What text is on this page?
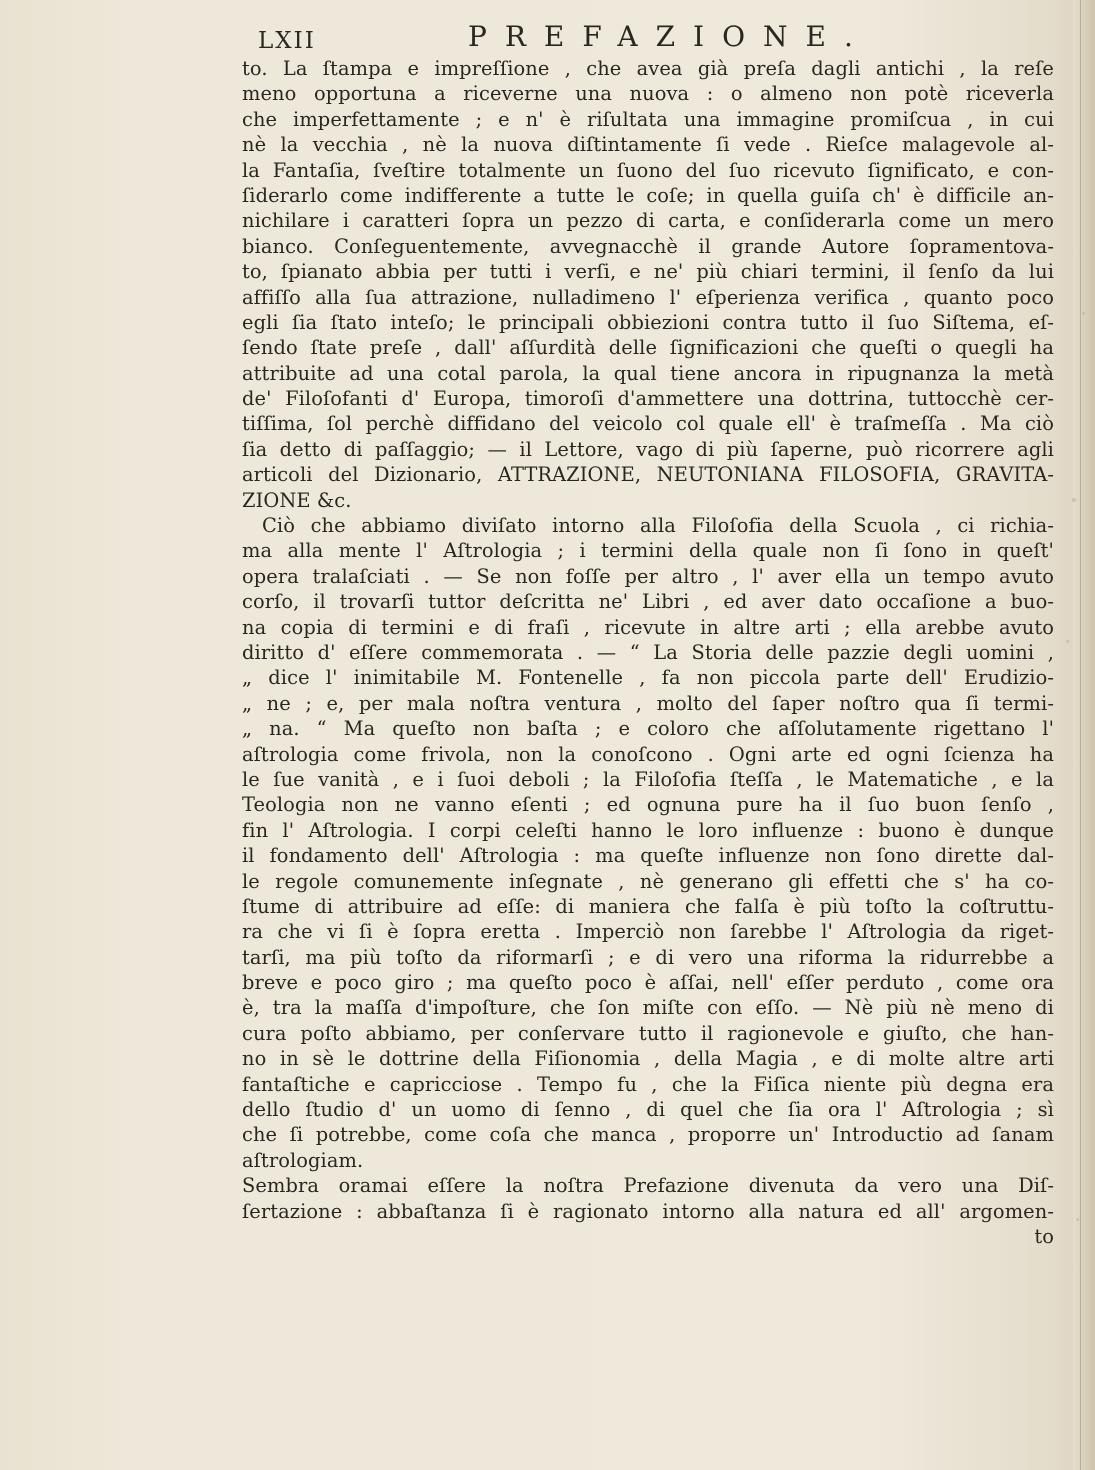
LXII	PREFAZIONE.
to. La ſtampa e impreſſione , che avea già preſa dagli antichi , la reſe
meno opportuna a riceverne una nuova : o almeno non potè riceverla
che imperfettamente ; e n' è riſultata una immagine promiſcua , in cui
nè la vecchia , nè la nuova diſtintamente ſi vede . Rieſce malagevole al-
la Fantaſia, ſveſtire totalmente un ſuono del ſuo ricevuto ſignificato, e con-
ſiderarlo come indifferente a tutte le coſe; in quella guiſa ch' è difficile an-
nichilare i caratteri ſopra un pezzo di carta, e conſiderarla come un mero
bianco. Conſeguentemente, avvegnacchè il grande Autore ſopramentova-
to, ſpianato abbia per tutti i verſi, e ne' più chiari termini, il ſenſo da lui
affiſſo alla ſua attrazione, nulladimeno l' eſperienza verifica , quanto poco
egli ſia ſtato inteſo; le principali obbiezioni contra tutto il ſuo Siſtema, eſ-
ſendo ſtate preſe , dall' aſſurdità delle ſignificazioni che queſti o quegli ha
attribuite ad una cotal parola, la qual tiene ancora in ripugnanza la metà
de' Filoſofanti d' Europa, timoroſi d'ammettere una dottrina, tuttocchè cer-
tiſſima, ſol perchè diffidano del veicolo col quale ell' è traſmeſſa . Ma ciò
ſia detto di paſſaggio; — il Lettore, vago di più ſaperne, può ricorrere agli
articoli del Dizionario, ATTRAZIONE, NEUTONIANA FILOSOFIA, GRAVITA-
ZIONE &c.
Ciò che abbiamo diviſato intorno alla Filoſofia della Scuola , ci richia-
ma alla mente l' Aſtrologia ; i termini della quale non ſi ſono in queſt'
opera tralaſciati . — Se non foſſe per altro , l' aver ella un tempo avuto
corſo, il trovarſi tuttor deſcritta ne' Libri , ed aver dato occaſione a buo-
na copia di termini e di fraſi , ricevute in altre arti ; ella arebbe avuto
diritto d' eſſere commemorata . — “ La Storia delle pazzie degli uomini ,
„ dice l' inimitabile M. Fontenelle , fa non piccola parte dell' Erudizio-
„ ne ; e, per mala noſtra ventura , molto del ſaper noſtro qua ſi termi-
„ na. “ Ma queſto non baſta ; e coloro che aſſolutamente rigettano l'
aſtrologia come frivola, non la conoſcono . Ogni arte ed ogni ſcienza ha
le ſue vanità , e i ſuoi deboli ; la Filoſofia ſteſſa , le Matematiche , e la
Teologia non ne vanno eſenti ; ed ognuna pure ha il ſuo buon ſenſo ,
fin l' Aſtrologia. I corpi celeſti hanno le loro influenze : buono è dunque
il fondamento dell' Aſtrologia : ma queſte influenze non ſono dirette dal-
le regole comunemente inſegnate , nè generano gli effetti che s' ha co-
ſtume di attribuire ad eſſe: di maniera che falſa è più toſto la coſtruttu-
ra che vi ſi è ſopra eretta . Imperciò non ſarebbe l' Aſtrologia da riget-
tarſi, ma più toſto da riformarſi ; e di vero una riforma la ridurrebbe a
breve e poco giro ; ma queſto poco è aſſai, nell' eſſer perduto , come ora
è, tra la maſſa d'impoſture, che ſon miſte con eſſo. — Nè più nè meno di
cura poſto abbiamo, per conſervare tutto il ragionevole e giuſto, che han-
no in sè le dottrine della Fiſionomia , della Magia , e di molte altre arti
fantaſtiche e capricciose . Tempo fu , che la Fiſica niente più degna era
dello ſtudio d' un uomo di ſenno , di quel che ſia ora l' Aſtrologia ; sì
che ſi potrebbe, come coſa che manca , proporre un' Introductio ad ſanam
aſtrologiam.
Sembra oramai eſſere la noſtra Prefazione divenuta da vero una Diſ-
ſertazione : abbaſtanza ſi è ragionato intorno alla natura ed all' argomen-
to
